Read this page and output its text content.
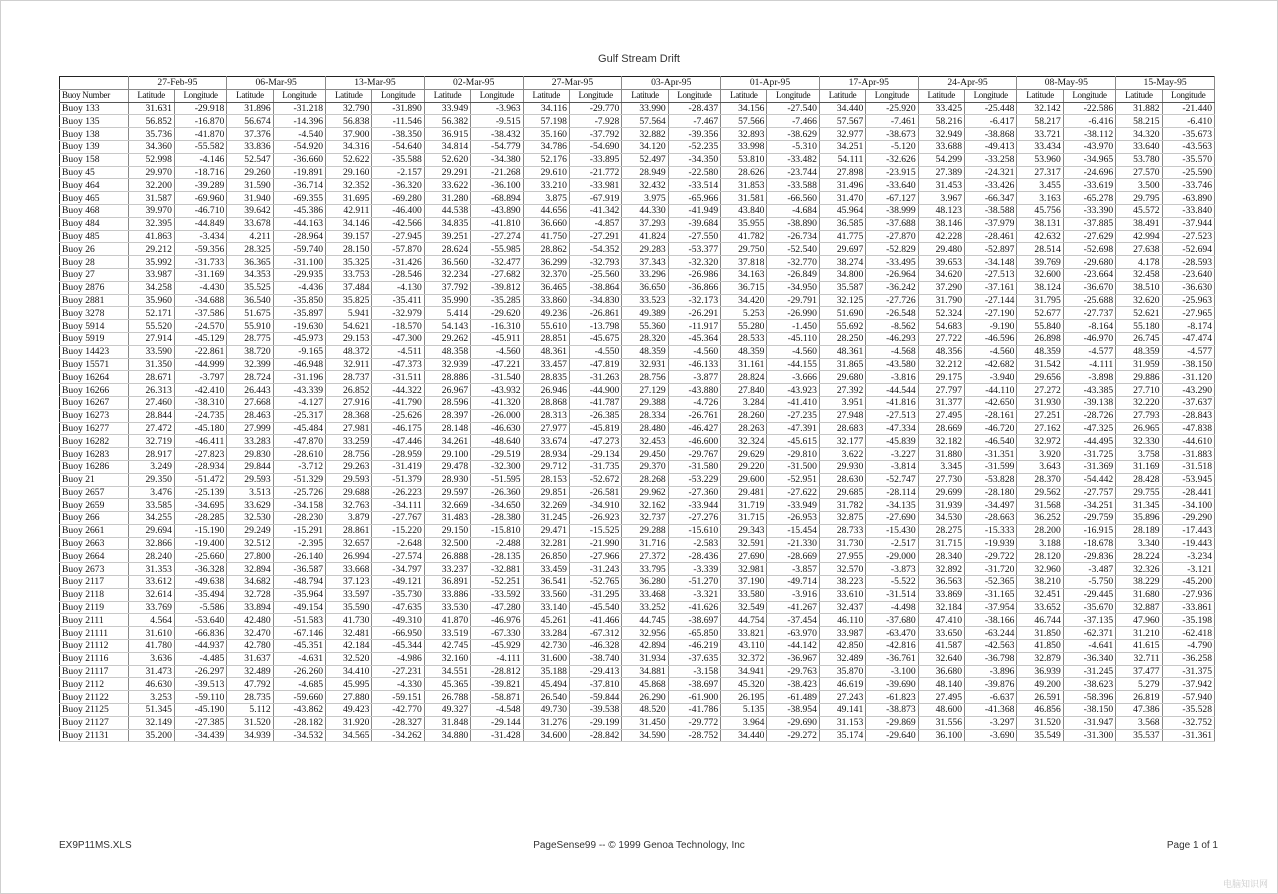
Gulf Stream Drift
	27-Feb-95		06-Mar-95		13-Mar-95		02-Mar-95		27-Mar-95		03-Apr-95		01-Apr-95		17-Apr-95		24-Apr-95		08-May-95		15-May-95	
Buoy Number	Latitude	Longitude	Latitude	Longitude	Latitude	Longitude	Latitude	Longitude	Latitude	Longitude	Latitude	Longitude	Latitude	Longitude	Latitude	Longitude	Latitude	Longitude	Latitude	Longitude	Latitude	Longitude
Buoy 133	31.631	-29.918	31.896	-31.218	32.790	-31.890	33.949	-3.963	34.116	-29.770	33.990	-28.437	34.156	-27.540	34.440	-25.920	33.425	-25.448	32.142	-22.586	31.882	-21.440
Buoy 135	56.852	-16.870	56.674	-14.396	56.838	-11.546	56.382	-9.515	57.198	-7.928	57.564	-7.467	57.566	-7.466	57.567	-7.461	58.216	-6.417	58.217	-6.416	58.215	-6.410
Buoy 138	35.736	-41.870	37.376	-4.540	37.900	-38.350	36.915	-38.432	35.160	-37.792	32.882	-39.356	32.893	-38.629	32.977	-38.673	32.949	-38.868	33.721	-38.112	34.320	-35.673
Buoy 139	34.360	-55.582	33.836	-54.920	34.316	-54.640	34.814	-54.779	34.786	-54.690	34.120	-52.235	33.998	-5.310	34.251	-5.120	33.688	-49.413	33.434	-43.970	33.640	-43.563
Buoy 158	52.998	-4.146	52.547	-36.660	52.622	-35.588	52.620	-34.380	52.176	-33.895	52.497	-34.350	53.810	-33.482	54.111	-32.626	54.299	-33.258	53.960	-34.965	53.780	-35.570
Buoy 45	29.970	-18.716	29.260	-19.891	29.160	-2.157	29.291	-21.268	29.610	-21.772	28.949	-22.580	28.626	-23.744	27.898	-23.915	27.389	-24.321	27.317	-24.696	27.570	-25.590
Buoy 464	32.200	-39.289	31.590	-36.714	32.352	-36.320	33.622	-36.100	33.210	-33.981	32.432	-33.514	31.853	-33.588	31.496	-33.640	31.453	-33.426	3.455	-33.619	3.500	-33.746
Buoy 465	31.587	-69.960	31.940	-69.355	31.695	-69.280	31.280	-68.894	3.875	-67.919	3.975	-65.966	31.581	-66.560	31.470	-67.127	3.967	-66.347	3.163	-65.278	29.795	-63.890
Buoy 468	39.970	-46.710	39.642	-45.386	42.911	-46.400	44.538	-43.890	44.656	-41.342	44.330	-41.949	43.840	-4.684	45.964	-38.999	48.123	-38.588	45.756	-33.390	45.572	-33.840
Buoy 484	32.395	-44.849	33.678	-44.163	34.146	-42.566	34.835	-41.810	36.660	-4.857	37.293	-39.684	35.955	-38.890	36.585	-37.688	38.146	-37.979	38.131	-37.885	38.491	-37.944
Buoy 485	41.863	-3.434	4.211	-28.964	39.157	-27.945	39.251	-27.274	41.750	-27.291	41.824	-27.550	41.782	-26.734	41.775	-27.870	42.228	-28.461	42.632	-27.629	42.994	-27.523
Buoy 26	29.212	-59.356	28.325	-59.740	28.150	-57.870	28.624	-55.985	28.862	-54.352	29.283	-53.377	29.750	-52.540	29.697	-52.829	29.480	-52.897	28.514	-52.698	27.638	-52.694
Buoy 28	35.992	-31.733	36.365	-31.100	35.325	-31.426	36.560	-32.477	36.299	-32.793	37.343	-32.320	37.818	-32.770	38.274	-33.495	39.653	-34.148	39.769	-29.680	4.178	-28.593
Buoy 27	33.987	-31.169	34.353	-29.935	33.753	-28.546	32.234	-27.682	32.370	-25.560	33.296	-26.986	34.163	-26.849	34.800	-26.964	34.620	-27.513	32.600	-23.664	32.458	-23.640
Buoy 2876	34.258	-4.430	35.525	-4.436	37.484	-4.130	37.792	-39.812	36.465	-38.864	36.650	-36.866	36.715	-34.950	35.587	-36.242	37.290	-37.161	38.124	-36.670	38.510	-36.630
Buoy 2881	35.960	-34.688	36.540	-35.850	35.825	-35.411	35.990	-35.285	33.860	-34.830	33.523	-32.173	34.420	-29.791	32.125	-27.726	31.790	-27.144	31.795	-25.688	32.620	-25.963
Buoy 3278	52.171	-37.586	51.675	-35.897	5.941	-32.979	5.414	-29.620	49.236	-26.861	49.389	-26.291	5.253	-26.990	51.690	-26.548	52.324	-27.190	52.677	-27.737	52.621	-27.965
Buoy 5914	55.520	-24.570	55.910	-19.630	54.621	-18.570	54.143	-16.310	55.610	-13.798	55.360	-11.917	55.280	-1.450	55.692	-8.562	54.683	-9.190	55.840	-8.164	55.180	-8.174
Buoy 5919	27.914	-45.129	28.775	-45.973	29.153	-47.300	29.262	-45.911	28.851	-45.675	28.320	-45.364	28.533	-45.110	28.250	-46.293	27.722	-46.596	26.898	-46.970	26.745	-47.474
Buoy 14423	33.590	-22.861	38.720	-9.165	48.372	-4.511	48.358	-4.560	48.361	-4.550	48.359	-4.560	48.359	-4.560	48.361	-4.568	48.356	-4.560	48.359	-4.577	48.359	-4.577
Buoy 15571	31.350	-44.999	32.399	-46.948	32.911	-47.373	32.939	-47.221	33.457	-47.819	32.931	-46.133	31.161	-44.155	31.865	-43.580	32.212	-42.682	31.542	-4.111	31.959	-38.150
Buoy 16264	28.671	-3.797	28.724	-31.196	28.737	-31.511	28.886	-31.540	28.835	-31.263	28.756	-3.877	28.824	-3.666	29.680	-3.816	29.175	-3.940	29.656	-3.898	29.886	-31.120
Buoy 16266	26.313	-42.410	26.443	-43.339	26.852	-44.322	26.967	-43.932	26.946	-44.900	27.129	-43.880	27.840	-43.923	27.392	-44.544	27.797	-44.110	27.272	-43.385	27.710	-43.290
Buoy 16267	27.460	-38.310	27.668	-4.127	27.916	-41.790	28.596	-41.320	28.868	-41.787	29.388	-4.726	3.284	-41.410	3.951	-41.816	31.377	-42.650	31.930	-39.138	32.220	-37.637
Buoy 16273	28.844	-24.735	28.463	-25.317	28.368	-25.626	28.397	-26.000	28.313	-26.385	28.334	-26.761	28.260	-27.235	27.948	-27.513	27.495	-28.161	27.251	-28.726	27.793	-28.843
Buoy 16277	27.472	-45.180	27.999	-45.484	27.981	-46.175	28.148	-46.630	27.977	-45.819	28.480	-46.427	28.263	-47.391	28.683	-47.334	28.669	-46.720	27.162	-47.325	26.965	-47.838
Buoy 16282	32.719	-46.411	33.283	-47.870	33.259	-47.446	34.261	-48.640	33.674	-47.273	32.453	-46.600	32.324	-45.615	32.177	-45.839	32.182	-46.540	32.972	-44.495	32.330	-44.610
Buoy 16283	28.917	-27.823	29.830	-28.610	28.756	-28.959	29.100	-29.519	28.934	-29.134	29.450	-29.767	29.629	-29.810	3.622	-3.227	31.880	-31.351	3.920	-31.725	3.758	-31.883
Buoy 16286	3.249	-28.934	29.844	-3.712	29.263	-31.419	29.478	-32.300	29.712	-31.735	29.370	-31.580	29.220	-31.500	29.930	-3.814	3.345	-31.599	3.643	-31.369	31.169	-31.518
Buoy 21	29.350	-51.472	29.593	-51.329	29.593	-51.379	28.930	-51.595	28.153	-52.672	28.268	-53.229	29.600	-52.951	28.630	-52.747	27.730	-53.828	28.370	-54.442	28.428	-53.945
Buoy 2657	3.476	-25.139	3.513	-25.726	29.688	-26.223	29.597	-26.360	29.851	-26.581	29.962	-27.360	29.481	-27.622	29.685	-28.114	29.699	-28.180	29.562	-27.757	29.755	-28.441
Buoy 2659	33.585	-34.695	33.629	-34.158	32.763	-34.111	32.669	-34.650	32.269	-34.910	32.162	-33.944	31.719	-33.949	31.782	-34.135	31.939	-34.497	31.568	-34.251	31.345	-34.100
Buoy 266	34.255	-28.285	32.530	-28.230	3.879	-27.767	31.483	-28.380	31.245	-26.923	32.737	-27.276	31.715	-26.953	32.875	-27.690	34.530	-28.663	36.252	-29.759	35.896	-29.290
Buoy 2661	29.694	-15.190	29.249	-15.291	28.861	-15.220	29.150	-15.810	29.471	-15.525	29.288	-15.610	29.343	-15.454	28.733	-15.430	28.275	-15.333	28.200	-16.915	28.189	-17.443
Buoy 2663	32.866	-19.400	32.512	-2.395	32.657	-2.648	32.500	-2.488	32.281	-21.990	31.716	-2.583	32.591	-21.330	31.730	-2.517	31.715	-19.939	3.188	-18.678	3.340	-19.443
Buoy 2664	28.240	-25.660	27.800	-26.140	26.994	-27.574	26.888	-28.135	26.850	-27.966	27.372	-28.436	27.690	-28.669	27.955	-29.000	28.340	-29.722	28.120	-29.836	28.224	-3.234
Buoy 2673	31.353	-36.328	32.894	-36.587	33.668	-34.797	33.237	-32.881	33.459	-31.243	33.795	-3.339	32.981	-3.857	32.570	-3.873	32.892	-31.720	32.960	-3.487	32.326	-3.121
Buoy 2117	33.612	-49.638	34.682	-48.794	37.123	-49.121	36.891	-52.251	36.541	-52.765	36.280	-51.270	37.190	-49.714	38.223	-5.522	36.563	-52.365	38.210	-5.750	38.229	-45.200
Buoy 2118	32.614	-35.494	32.728	-35.964	33.597	-35.730	33.886	-33.592	33.560	-31.295	33.468	-3.321	33.580	-3.916	33.610	-31.514	33.869	-31.165	32.451	-29.445	31.680	-27.936
Buoy 2119	33.769	-5.586	33.894	-49.154	35.590	-47.635	33.530	-47.280	33.140	-45.540	33.252	-41.626	32.549	-41.267	32.437	-4.498	32.184	-37.954	33.652	-35.670	32.887	-33.861
Buoy 2111	4.564	-53.640	42.480	-51.583	41.730	-49.310	41.870	-46.976	45.261	-41.466	44.745	-38.697	44.754	-37.454	46.110	-37.680	47.410	-38.166	46.744	-37.135	47.960	-35.198
Buoy 21111	31.610	-66.836	32.470	-67.146	32.481	-66.950	33.519	-67.330	33.284	-67.312	32.956	-65.850	33.821	-63.970	33.987	-63.470	33.650	-63.244	31.850	-62.371	31.210	-62.418
Buoy 21112	41.780	-44.937	42.780	-45.351	42.184	-45.344	42.745	-45.929	42.730	-46.328	42.894	-46.219	43.110	-44.142	42.850	-42.816	41.587	-42.563	41.850	-4.641	41.615	-4.790
Buoy 21116	3.636	-4.485	31.637	-4.631	32.520	-4.986	32.160	-4.111	31.600	-38.740	31.934	-37.635	32.372	-36.967	32.489	-36.761	32.640	-36.798	32.879	-36.340	32.711	-36.258
Buoy 21117	31.473	-26.297	32.489	-26.260	34.410	-27.231	34.551	-28.812	35.188	-29.413	34.881	-3.158	34.941	-29.763	35.870	-3.100	36.680	-3.896	36.939	-31.245	37.477	-31.375
Buoy 2112	46.630	-39.513	47.792	-4.685	45.995	-4.330	45.365	-39.821	45.494	-37.810	45.868	-38.697	45.320	-38.423	46.619	-39.690	48.140	-39.876	49.200	-38.623	5.279	-37.942
Buoy 21122	3.253	-59.110	28.735	-59.660	27.880	-59.151	26.788	-58.871	26.540	-59.844	26.290	-61.900	26.195	-61.489	27.243	-61.823	27.495	-6.637	26.591	-58.396	26.819	-57.940
Buoy 21125	51.345	-45.190	5.112	-43.862	49.423	-42.770	49.327	-4.548	49.730	-39.538	48.520	-41.786	5.135	-38.954	49.141	-38.873	48.600	-41.368	46.856	-38.150	47.386	-35.528
Buoy 21127	32.149	-27.385	31.520	-28.182	31.920	-28.327	31.848	-29.144	31.276	-29.199	31.450	-29.772	3.964	-29.690	31.153	-29.869	31.556	-3.297	31.520	-31.947	3.568	-32.752
Buoy 21131	35.200	-34.439	34.939	-34.532	34.565	-34.262	34.880	-31.428	34.600	-28.842	34.590	-28.752	34.440	-29.272	35.174	-29.640	36.100	-3.690	35.549	-31.300	35.537	-31.361
EX9P11MS.XLS	PageSense99 -- © 1999 Genoa Technology, Inc	Page 1 of 1
电脑知识网
